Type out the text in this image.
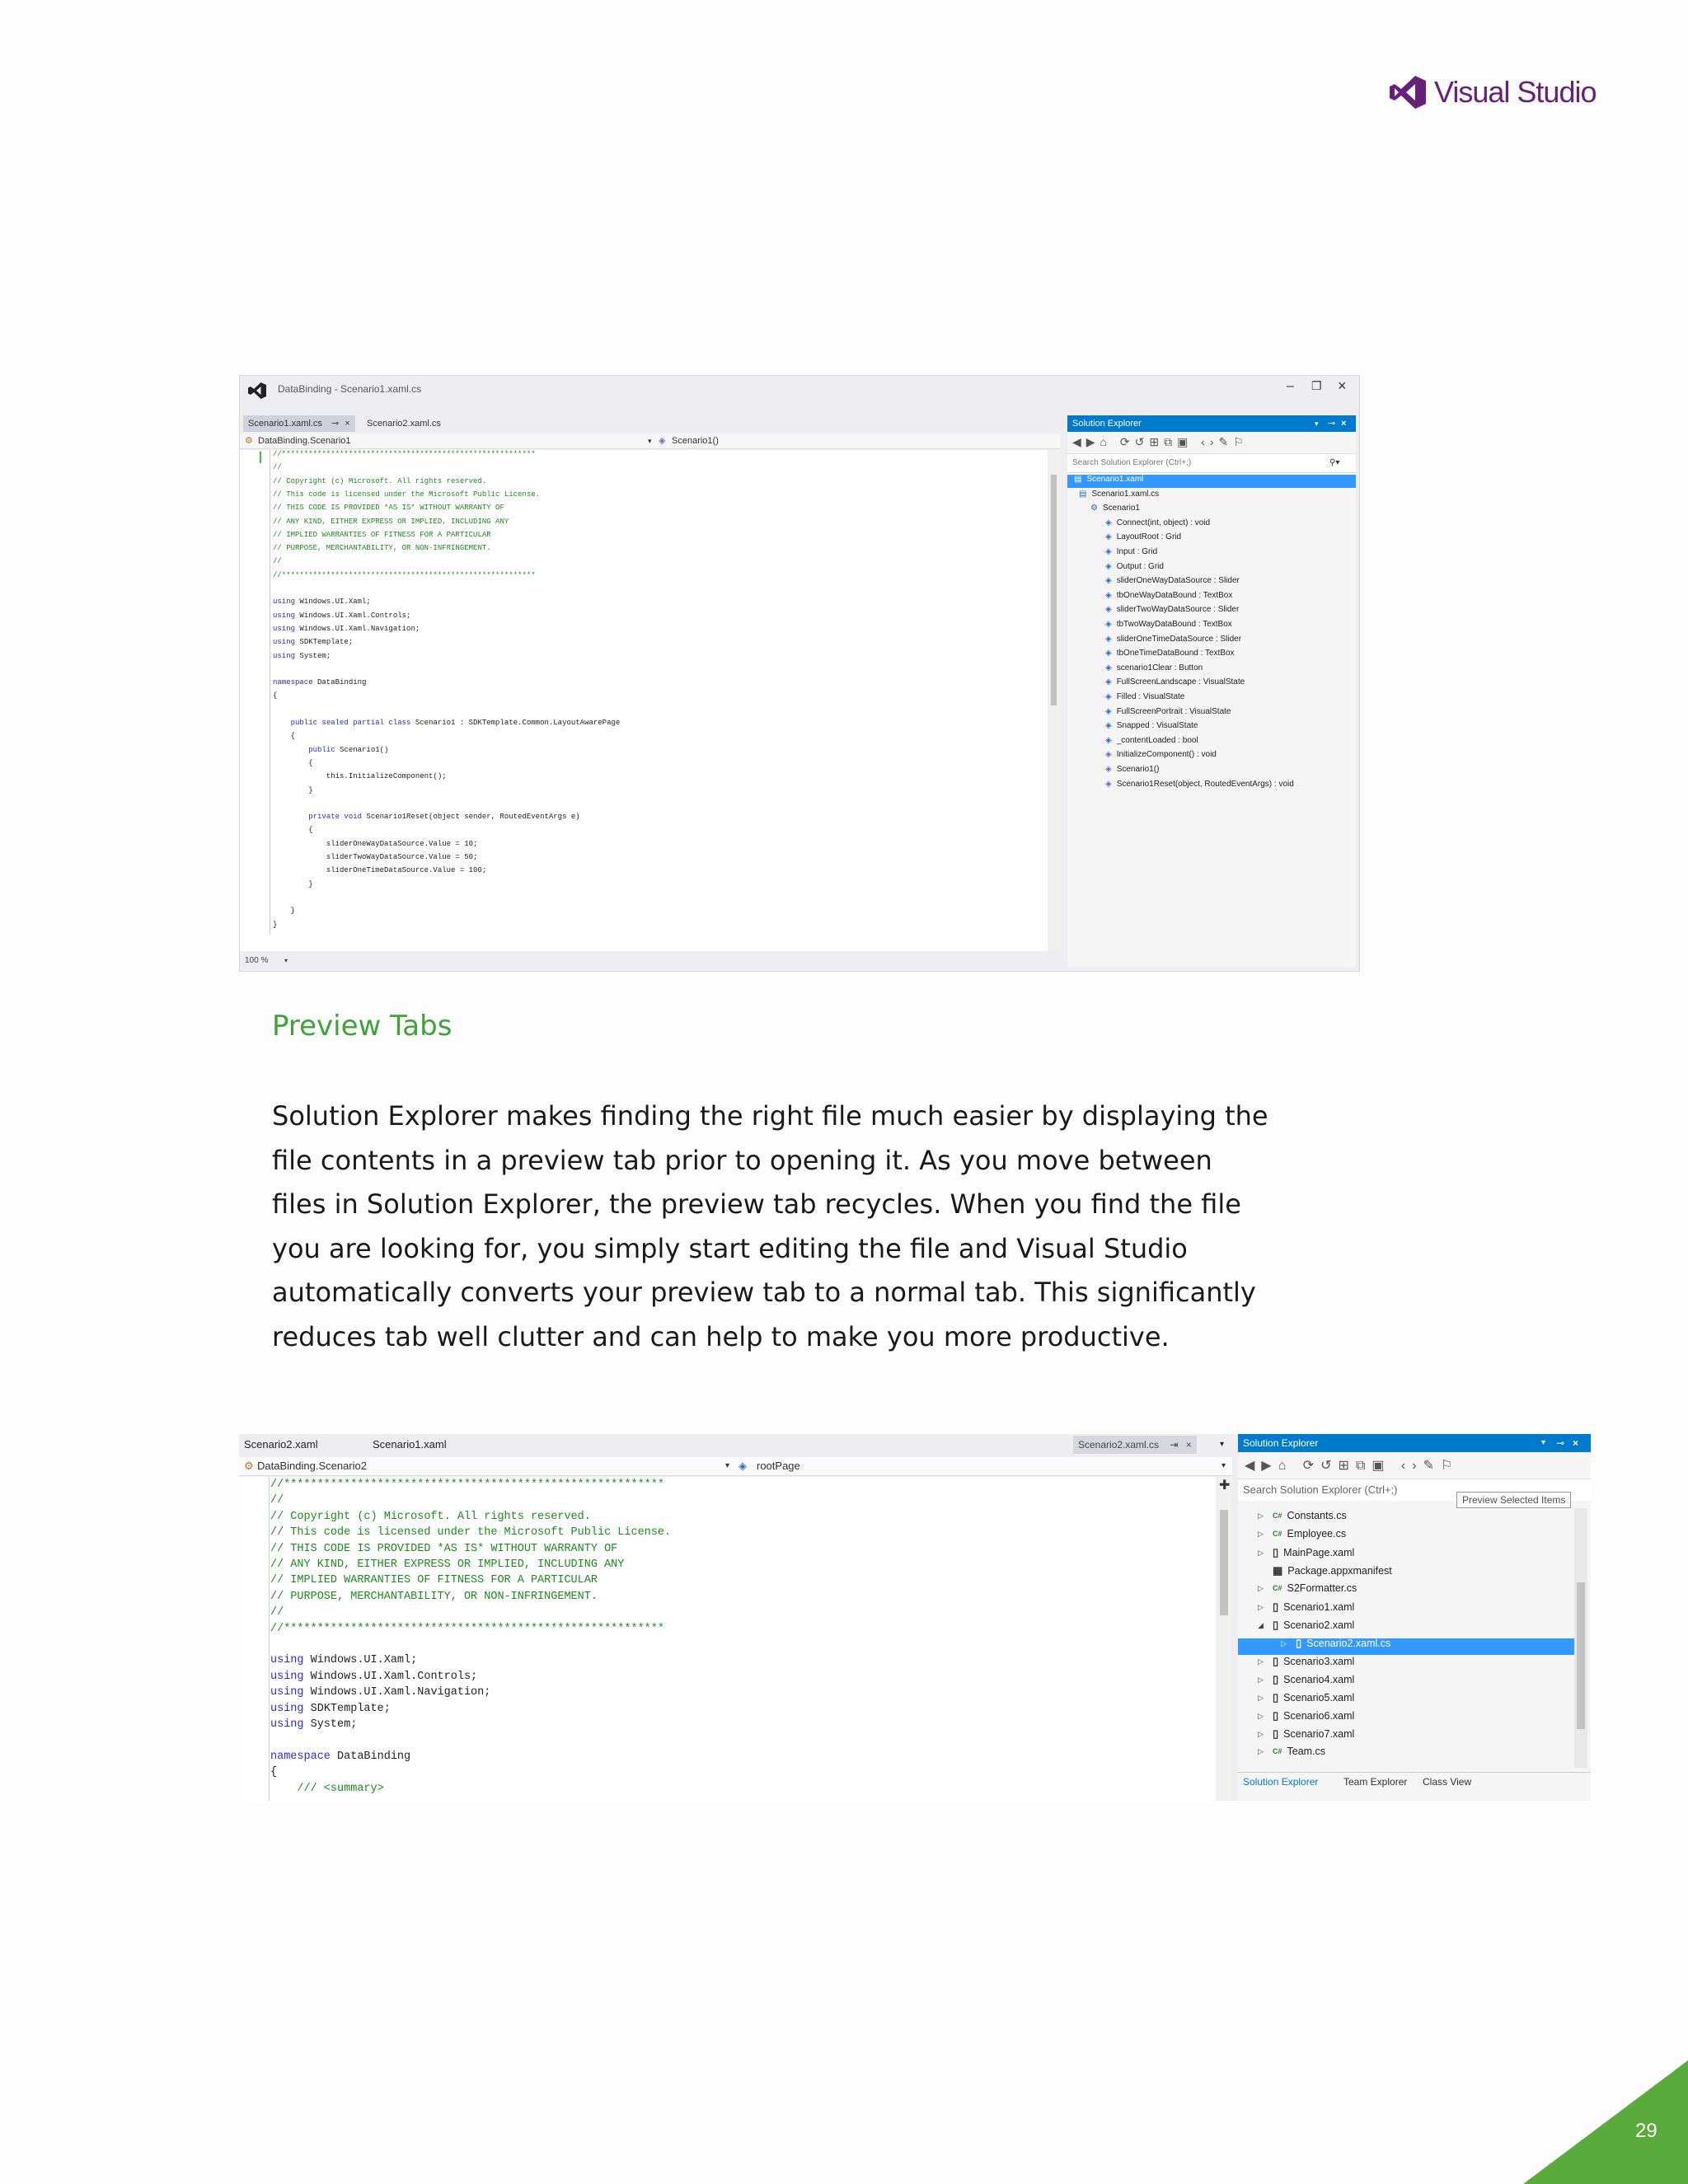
Visual Studio
DataBinding - Scenario1.xaml.cs	– ❐ ×
Scenario1.xaml.cs ⊸ ×	Scenario2.xaml.cs
⚙ DataBinding.Scenario1	▾ ◈ Scenario1()
//*********************************************************
//
// Copyright (c) Microsoft. All rights reserved.
// This code is licensed under the Microsoft Public License.
// THIS CODE IS PROVIDED *AS IS* WITHOUT WARRANTY OF
// ANY KIND, EITHER EXPRESS OR IMPLIED, INCLUDING ANY
// IMPLIED WARRANTIES OF FITNESS FOR A PARTICULAR
// PURPOSE, MERCHANTABILITY, OR NON-INFRINGEMENT.
//
//*********************************************************
using Windows.UI.Xaml;
using Windows.UI.Xaml.Controls;
using Windows.UI.Xaml.Navigation;
using SDKTemplate;
using System;
namespace DataBinding
{
public sealed partial class Scenario1 : SDKTemplate.Common.LayoutAwarePage
{
public Scenario1()
{
this.InitializeComponent();
}
private void Scenario1Reset(object sender, RoutedEventArgs e)
{
sliderOneWayDataSource.Value = 10;
sliderTwoWayDataSource.Value = 50;
sliderOneTimeDataSource.Value = 100;
}
}
}
100 % ▾
Solution Explorer	▾ ⊸ ×
◀▶⌂ ⟳↺⊞⧉▣ ‹›✎⚐
Search Solution Explorer (Ctrl+;)	⚲▾
▤ Scenario1.xaml
▤ Scenario1.xaml.cs
⚙ Scenario1
◈ Connect(int, object) : void
◈ LayoutRoot : Grid
◈ Input : Grid
◈ Output : Grid
◈ sliderOneWayDataSource : Slider
◈ tbOneWayDataBound : TextBox
◈ sliderTwoWayDataSource : Slider
◈ tbTwoWayDataBound : TextBox
◈ sliderOneTimeDataSource : Slider
◈ tbOneTimeDataBound : TextBox
◈ scenario1Clear : Button
◈ FullScreenLandscape : VisualState
◈ Filled : VisualState
◈ FullScreenPortrait : VisualState
◈ Snapped : VisualState
◈ _contentLoaded : bool
◈ InitializeComponent() : void
◈ Scenario1()
◈ Scenario1Reset(object, RoutedEventArgs) : void
Preview Tabs
Solution Explorer makes finding the right file much easier by displaying the
file contents in a preview tab prior to opening it. As you move between
files in Solution Explorer, the preview tab recycles. When you find the file
you are looking for, you simply start editing the file and Visual Studio
automatically converts your preview tab to a normal tab. This significantly
reduces tab well clutter and can help to make you more productive.
Scenario2.xaml	Scenario1.xaml	Scenario2.xaml.cs ⇥ ×	▾
⚙ DataBinding.Scenario2	▾ ◈ rootPage	▾
//*********************************************************
//
// Copyright (c) Microsoft. All rights reserved.
// This code is licensed under the Microsoft Public License.
// THIS CODE IS PROVIDED *AS IS* WITHOUT WARRANTY OF
// ANY KIND, EITHER EXPRESS OR IMPLIED, INCLUDING ANY
// IMPLIED WARRANTIES OF FITNESS FOR A PARTICULAR
// PURPOSE, MERCHANTABILITY, OR NON-INFRINGEMENT.
//
//*********************************************************
using Windows.UI.Xaml;
using Windows.UI.Xaml.Controls;
using Windows.UI.Xaml.Navigation;
using SDKTemplate;
using System;
namespace DataBinding
{
/// <summary>
✚
Solution Explorer	▾ ⊸ ×
◀▶⌂ ⟳↺⊞⧉▣ ‹›✎⚐
Search Solution Explorer (Ctrl+;)
Preview Selected Items
▷	C# Constants.cs
▷	C# Employee.cs
▷ ▯ MainPage.xaml
▦ Package.appxmanifest
▷	C# S2Formatter.cs
▷ ▯ Scenario1.xaml
◢ ▯ Scenario2.xaml
▷ ▯ Scenario2.xaml.cs
▷ ▯ Scenario3.xaml
▷ ▯ Scenario4.xaml
▷ ▯ Scenario5.xaml
▷ ▯ Scenario6.xaml
▷ ▯ Scenario7.xaml
▷	C# Team.cs
Solution Explorer	Team Explorer Class View
29
